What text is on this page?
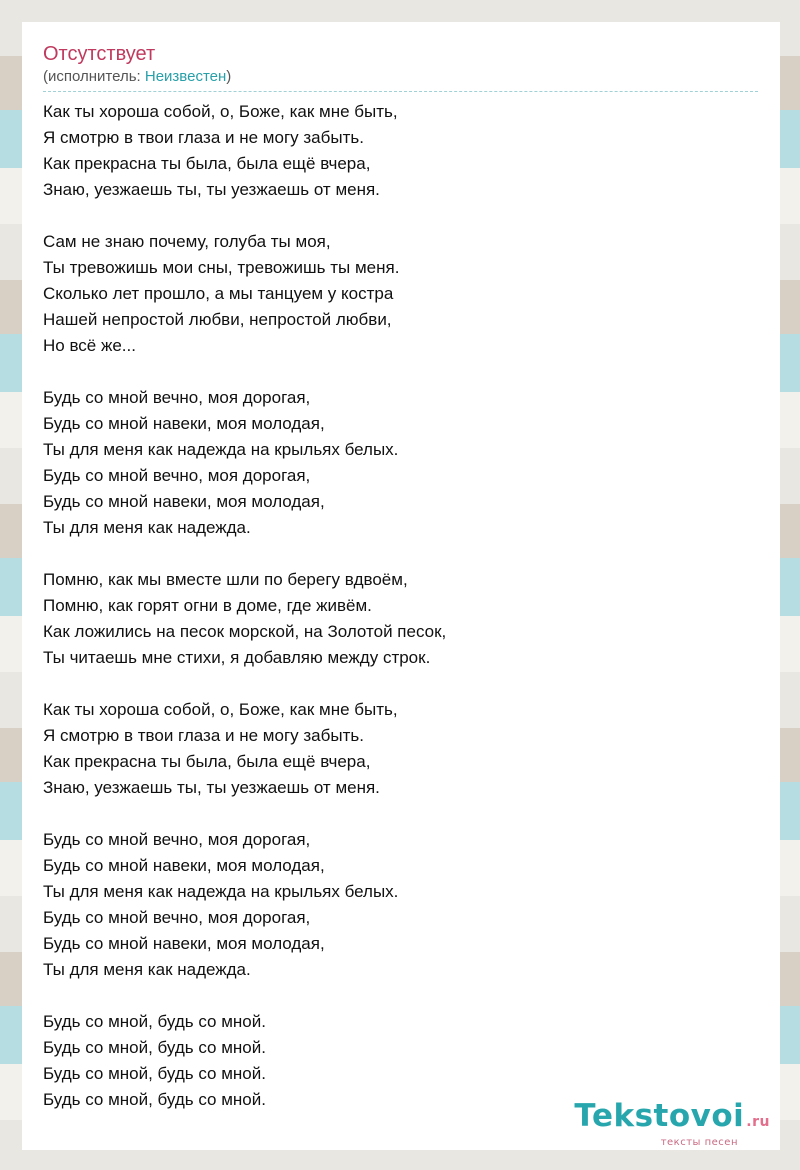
Отсутствует
(исполнитель: Неизвестен)
Как ты хороша собой, о, Боже, как мне быть,
Я смотрю в твои глаза и не могу забыть.
Как прекрасна ты была, была ещё вчера,
Знаю, уезжаешь ты, ты уезжаешь от меня.
Сам не знаю почему, голуба ты моя,
Ты тревожишь мои сны, тревожишь ты меня.
Сколько лет прошло, а мы танцуем у костра
Нашей непростой любви, непростой любви,
Но всё же...
Будь со мной вечно, моя дорогая,
Будь со мной навеки, моя молодая,
Ты для меня как надежда на крыльях белых.
Будь со мной вечно, моя дорогая,
Будь со мной навеки, моя молодая,
Ты для меня как надежда.
Помню, как мы вместе шли по берегу вдвоём,
Помню, как горят огни в доме, где живём.
Как ложились на песок морской, на Золотой песок,
Ты читаешь мне стихи, я добавляю между строк.
Как ты хороша собой, о, Боже, как мне быть,
Я смотрю в твои глаза и не могу забыть.
Как прекрасна ты была, была ещё вчера,
Знаю, уезжаешь ты, ты уезжаешь от меня.
Будь со мной вечно, моя дорогая,
Будь со мной навеки, моя молодая,
Ты для меня как надежда на крыльях белых.
Будь со мной вечно, моя дорогая,
Будь со мной навеки, моя молодая,
Ты для меня как надежда.
Будь со мной, будь со мной.
Будь со мной, будь со мной.
Будь со мной, будь со мной.
Будь со мной, будь со мной.	Tekstovoi .ru
тексты песен
